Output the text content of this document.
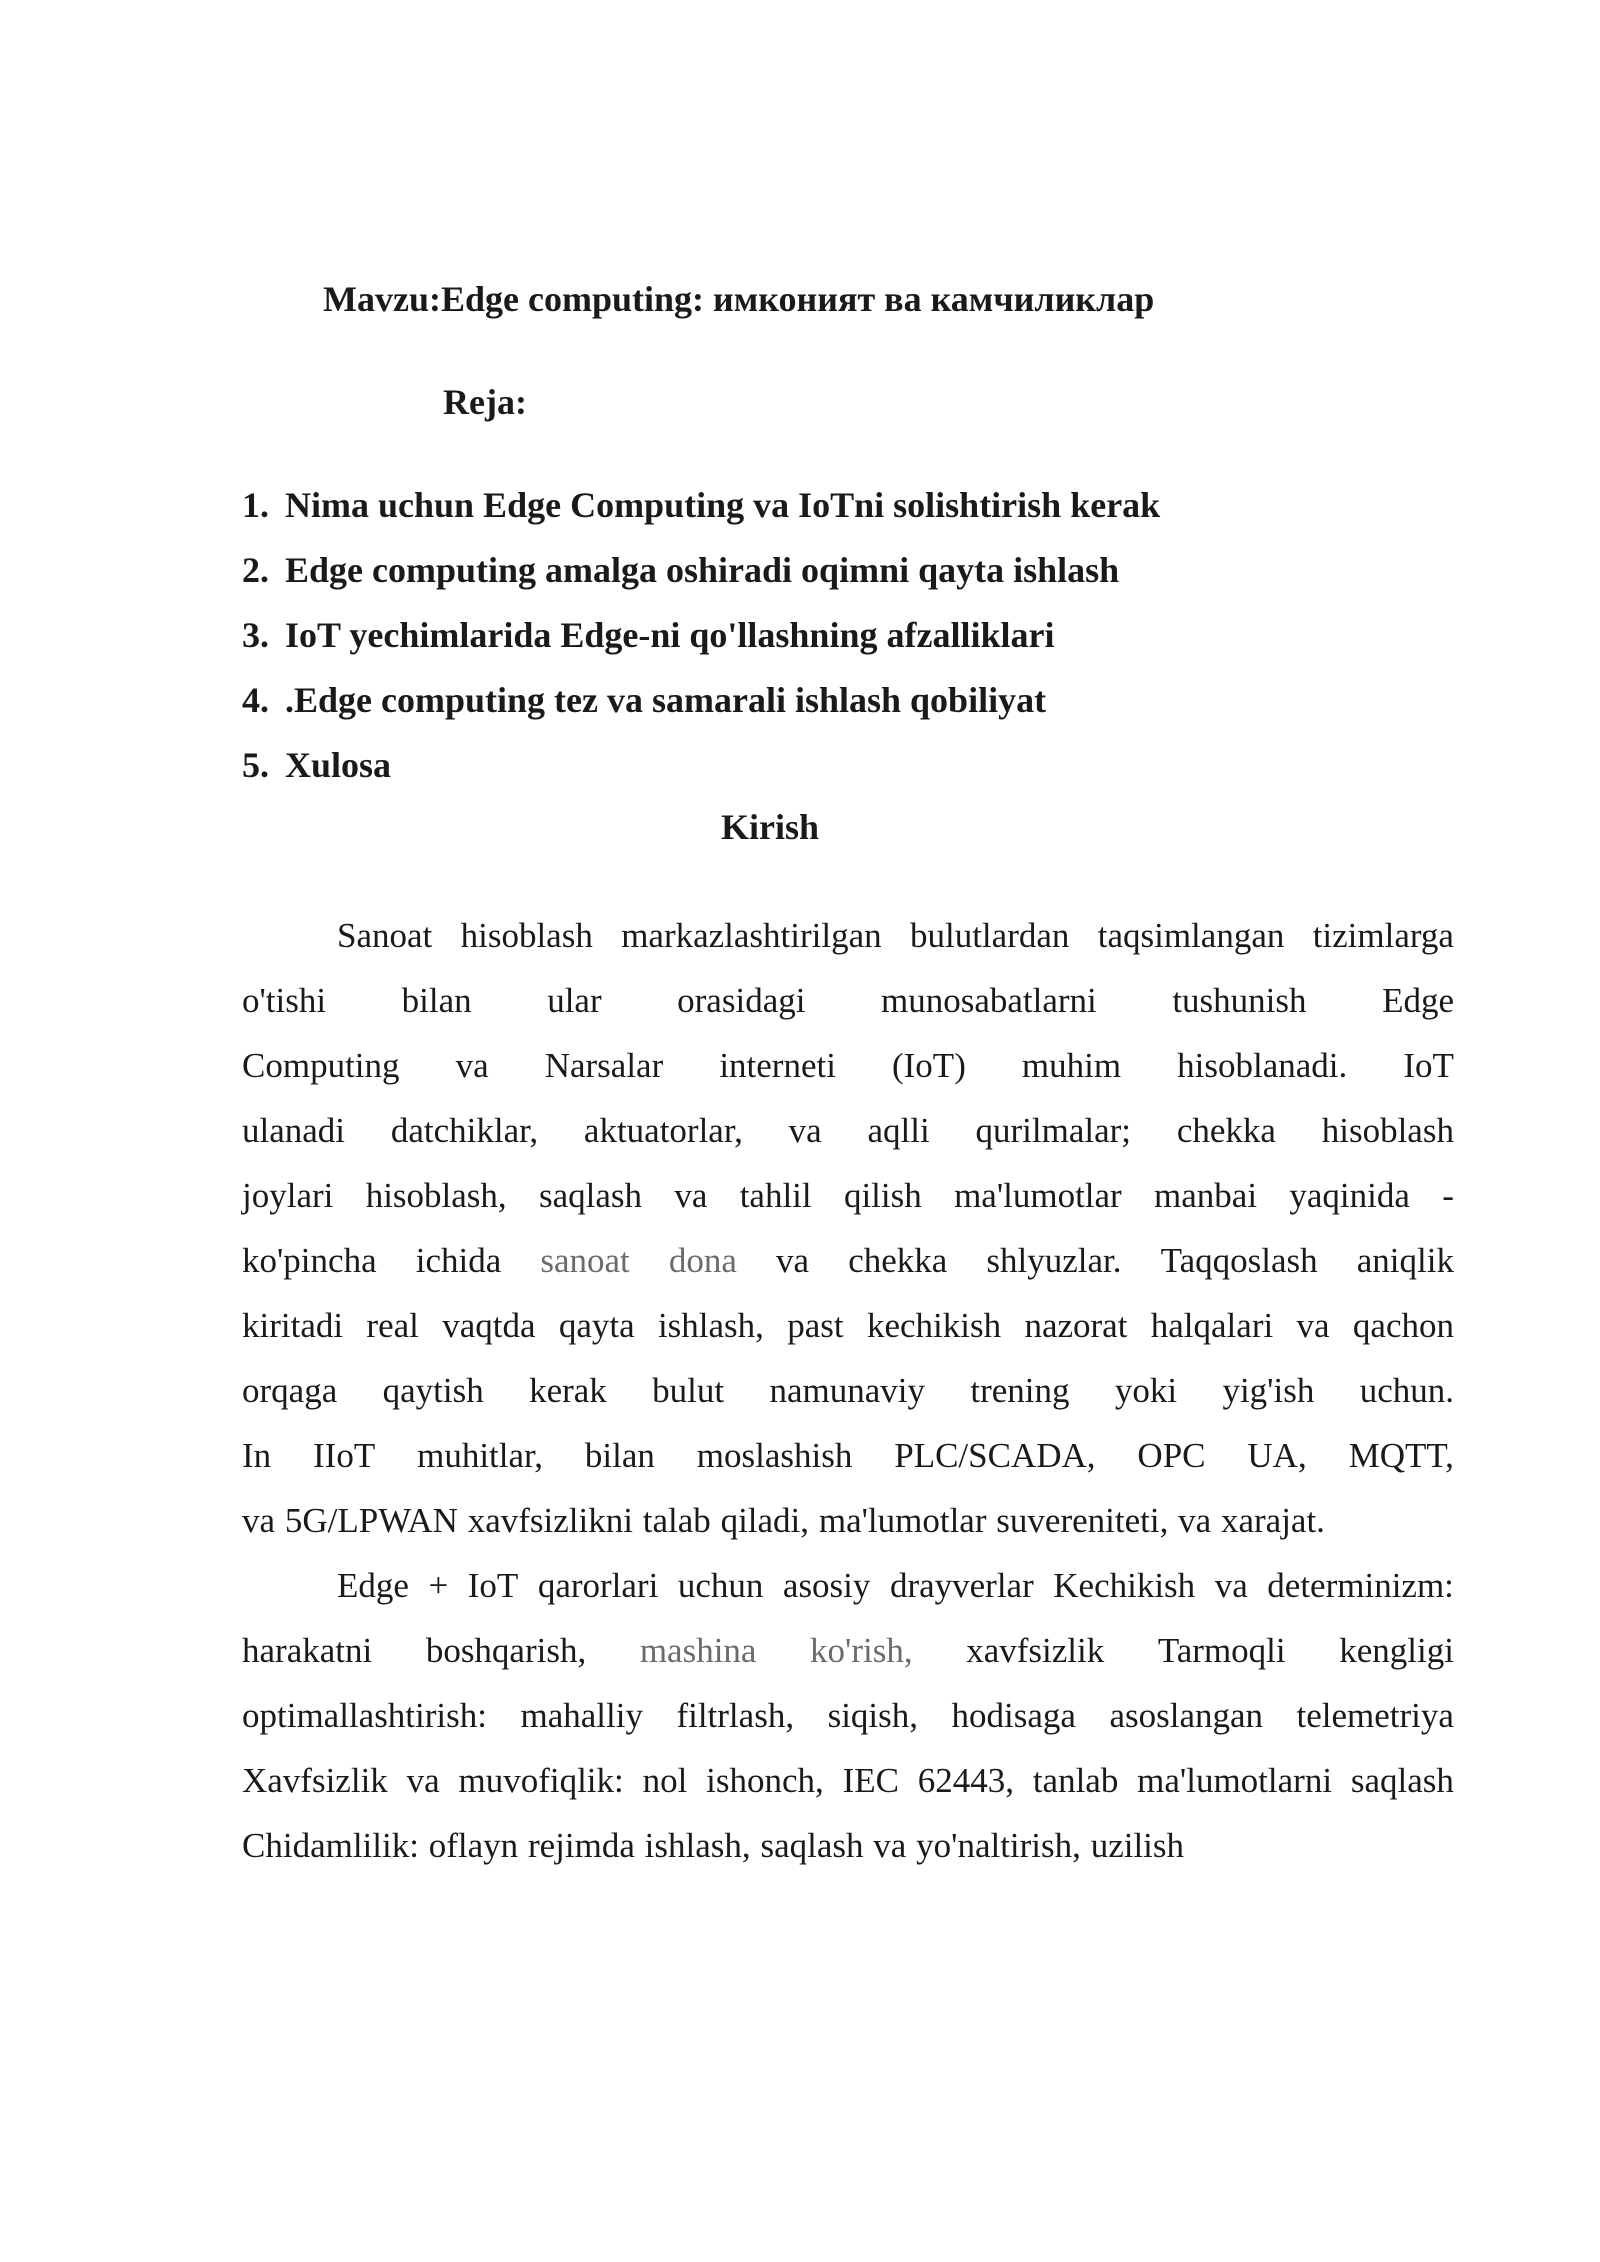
Mavzu:Edge computing: имконият ва камчиликлар
Reja:
1. Nima uchun Edge Computing va IoTni solishtirish kerak
2. Edge computing amalga oshiradi oqimni qayta ishlash
3. IoT yechimlarida Edge-ni qo'llashning afzalliklari
4. .Edge computing tez va samarali ishlash qobiliyat
5. Xulosa
Kirish
Sanoat hisoblash markazlashtirilgan bulutlardan taqsimlangan tizimlarga
o'tishi bilan ular orasidagi munosabatlarni tushunish Edge
Computing va Narsalar interneti (IoT) muhim hisoblanadi. IoT
ulanadi datchiklar, aktuatorlar, va aqlli qurilmalar; chekka hisoblash
joylari hisoblash, saqlash va tahlil qilish ma'lumotlar manbai yaqinida -
ko'pincha ichida sanoat dona va chekka shlyuzlar. Taqqoslash aniqlik
kiritadi real vaqtda qayta ishlash, past kechikish nazorat halqalari va qachon
orqaga qaytish kerak bulut namunaviy trening yoki yig'ish uchun.
In IIoT muhitlar, bilan moslashish PLC/SCADA, OPC UA, MQTT,
va 5G/LPWAN xavfsizlikni talab qiladi, ma'lumotlar suvereniteti, va xarajat.
Edge + IoT qarorlari uchun asosiy drayverlar Kechikish va determinizm:
harakatni boshqarish, mashina ko'rish, xavfsizlik Tarmoqli kengligi
optimallashtirish: mahalliy filtrlash, siqish, hodisaga asoslangan telemetriya
Xavfsizlik va muvofiqlik: nol ishonch, IEC 62443, tanlab ma'lumotlarni saqlash
Chidamlilik: oflayn rejimda ishlash, saqlash va yo'naltirish, uzilish
